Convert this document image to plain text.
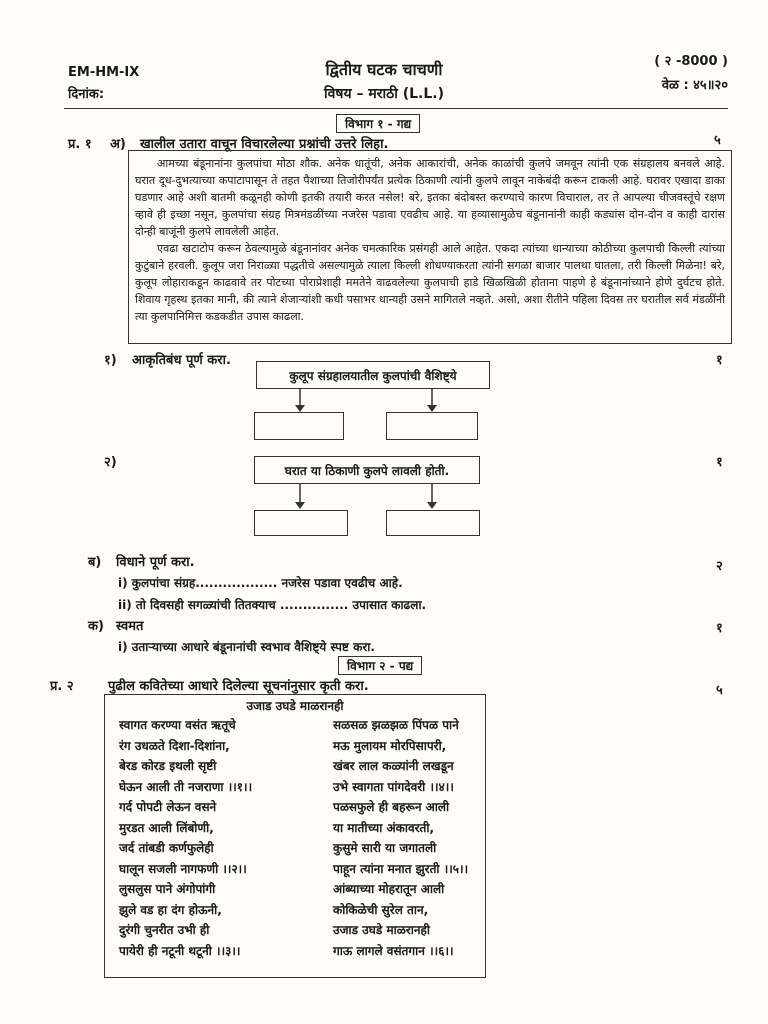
EM-HM-IX
दिनांक:
द्वितीय घटक चाचणी
विषय – मराठी (L.L.)
( २ -8000 )
वेळ : ४५॥२०
विभाग १ - गद्य
प्र. १ अ) खालील उतारा वाचून विचारलेल्या प्रश्नांची उत्तरे लिहा.	५

आमच्या बंडूनानांना कुलपांचा मोठा शौक. अनेक धातूंची, अनेक आकारांची, अनेक काळांची कुलपे जमवून त्यांनी एक संग्रहालय बनवले आहे. घरात दूध-दुभत्याच्या कपाटापासून ते तहत पैशाच्या तिजोरीपर्यंत प्रत्येक ठिकाणी त्यांनी कुलपे लावून नाकेबंदी करून टाकली आहे. घरावर एखादा डाका घडणार आहे अशी बातमी कळूनही कोणी इतकी तयारी करत नसेल! बरे, इतका बंदोबस्त करण्याचे कारण विचाराल, तर ते आपल्या चीजवस्तूंचे रक्षण व्हावे ही इच्छा नसून, कुलपांचा संग्रह मित्रमंडळींच्या नजरेस पडावा एवढीच आहे. या हव्यासामुळेच बंडूनानांनी काही कड्यांस दोन-दोन व काही दारांस दोन्ही बाजूंनी कुलपे लावलेली आहेत.

एवढा खटाटोप करून ठेवल्यामुळे बंडूनानांवर अनेक चमत्कारिक प्रसंगही आले आहेत. एकदा त्यांच्या धान्याच्या कोठीच्या कुलपाची किल्ली त्यांच्या कुटुंबाने हरवली. कुलूप जरा निराळ्या पद्धतीचे असल्यामुळे त्याला किल्ली शोधण्याकरता त्यांनी सगळा बाजार पालथा घातला, तरी किल्ली मिळेना! बरे, कुलूप लोहाराकडून काढवावे तर पोटच्या पोराप्रेशाही ममतेने वाढवलेल्या कुलपाची हाडे खिळखिळी होताना पाहणे हे बंडूनानांच्याने होणे दुर्घटच होते. शिवाय गृहस्थ इतका मानी, की त्याने शेजाऱ्यांशी कधी पसाभर धान्यही उसने मागितले नव्हते. असो, अशा रीतीने पहिला दिवस तर घरातील सर्व मंडळींनी त्या कुलपानिमित्त कडकडीत उपास काढला.

१) आकृतिबंध पूर्ण करा.	१
कुलूप संग्रहालयातील कुलपांची वैशिष्ट्ये
२)	१
घरात या ठिकाणी कुलपे लावली होती.
ब) विधाने पूर्ण करा.	२
i) कुलपांचा संग्रह.................. नजरेस पडावा एवढीच आहे.
ii) तो दिवसही सगळ्यांची तितक्याच ............... उपासात काढला.
क) स्वमत	१
i) उताऱ्याच्या आधारे बंडूनानांची स्वभाव वैशिष्ट्ये स्पष्ट करा.
विभाग २ - पद्य
प्र. २	पुढील कवितेच्या आधारे दिलेल्या सूचनांनुसार कृती करा.	५
उजाड उघडे माळरानही
स्वागत करण्या वसंत ऋतूचे
रंग उधळते दिशा-दिशांना,
बेरड कोरड इथली सृष्टी
घेऊन आली ती नजराणा ।।१।।
गर्द पोपटी लेऊन वसने
मुरडत आली लिंबोणी,
जर्द तांबडी कर्णफुलेही
घालून सजली नागफणी ।।२।।
लुसलुस पाने अंगोपांगी
झुले वड हा दंग होऊनी,
दुरंगी चुनरीत उभी ही
पायेरी ही नटूनी थटूनी ।।३।।
सळसळ झळझळ पिंपळ पाने
मऊ मुलायम मोरपिसापरी,
खंबर लाल कळ्यांनी लखडून
उभे स्वागता पांगदेवरी ।।४।।
पळसफुले ही बहरून आली
या मातीच्या अंकावरती,
कुसुमे सारी या जगातली
पाहून त्यांना मनात झुरती ।।५।।
आंब्याच्या मोहरातून आली
कोकिळेची सुरेल तान,
उजाड उघडे माळरानही
गाऊ लागले वसंतगान ।।६।।
